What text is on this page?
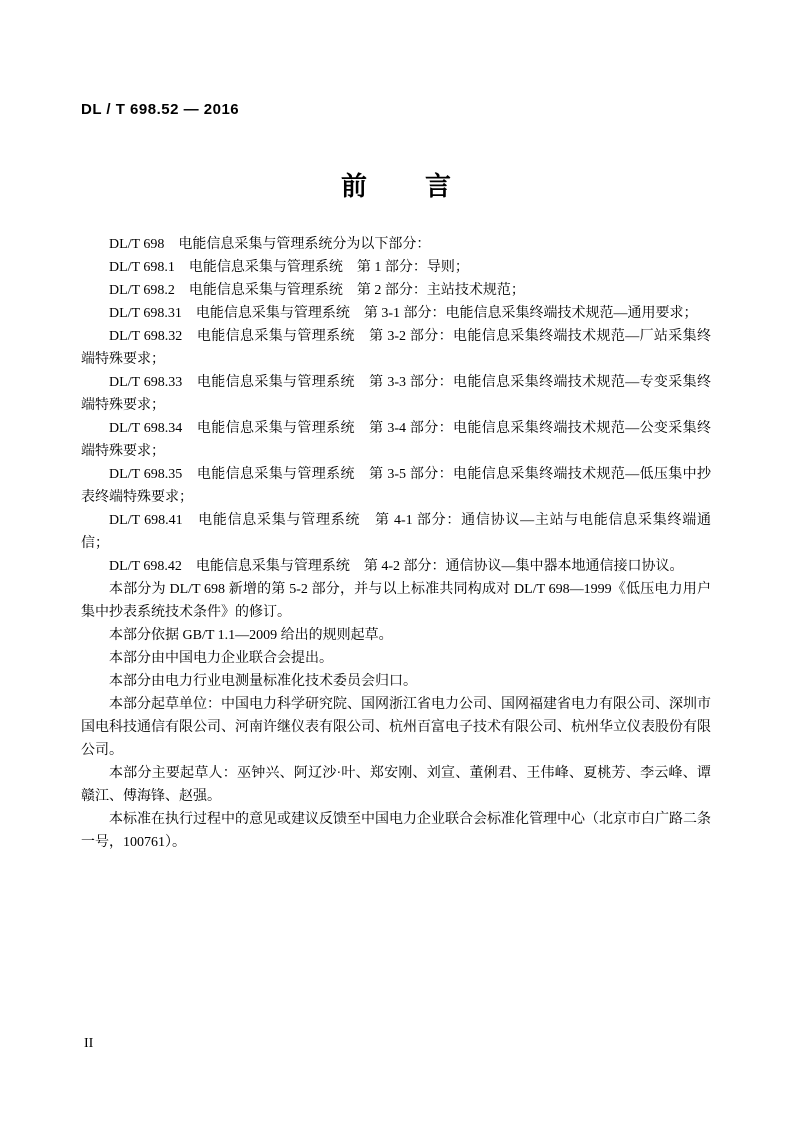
DL / T 698.52 — 2016
前　　言

DL/T 698　电能信息采集与管理系统分为以下部分：

DL/T 698.1　电能信息采集与管理系统　第 1 部分：导则；

DL/T 698.2　电能信息采集与管理系统　第 2 部分：主站技术规范；

DL/T 698.31　电能信息采集与管理系统　第 3-1 部分：电能信息采集终端技术规范—通用要求；

DL/T 698.32　电能信息采集与管理系统　第 3-2 部分：电能信息采集终端技术规范—厂站采集终端特殊要求；

DL/T 698.33　电能信息采集与管理系统　第 3-3 部分：电能信息采集终端技术规范—专变采集终端特殊要求；

DL/T 698.34　电能信息采集与管理系统　第 3-4 部分：电能信息采集终端技术规范—公变采集终端特殊要求；

DL/T 698.35　电能信息采集与管理系统　第 3-5 部分：电能信息采集终端技术规范—低压集中抄表终端特殊要求；

DL/T 698.41　电能信息采集与管理系统　第 4-1 部分：通信协议—主站与电能信息采集终端通信；

DL/T 698.42　电能信息采集与管理系统　第 4-2 部分：通信协议—集中器本地通信接口协议。

本部分为 DL/T 698 新增的第 5-2 部分，并与以上标准共同构成对 DL/T 698—1999《低压电力用户集中抄表系统技术条件》的修订。

本部分依据 GB/T 1.1—2009 给出的规则起草。

本部分由中国电力企业联合会提出。

本部分由电力行业电测量标准化技术委员会归口。

本部分起草单位：中国电力科学研究院、国网浙江省电力公司、国网福建省电力有限公司、深圳市国电科技通信有限公司、河南许继仪表有限公司、杭州百富电子技术有限公司、杭州华立仪表股份有限公司。

本部分主要起草人：巫钟兴、阿辽沙·叶、郑安刚、刘宣、董俐君、王伟峰、夏桃芳、李云峰、谭赣江、傅海锋、赵强。

本标准在执行过程中的意见或建议反馈至中国电力企业联合会标准化管理中心（北京市白广路二条一号，100761）。

II
